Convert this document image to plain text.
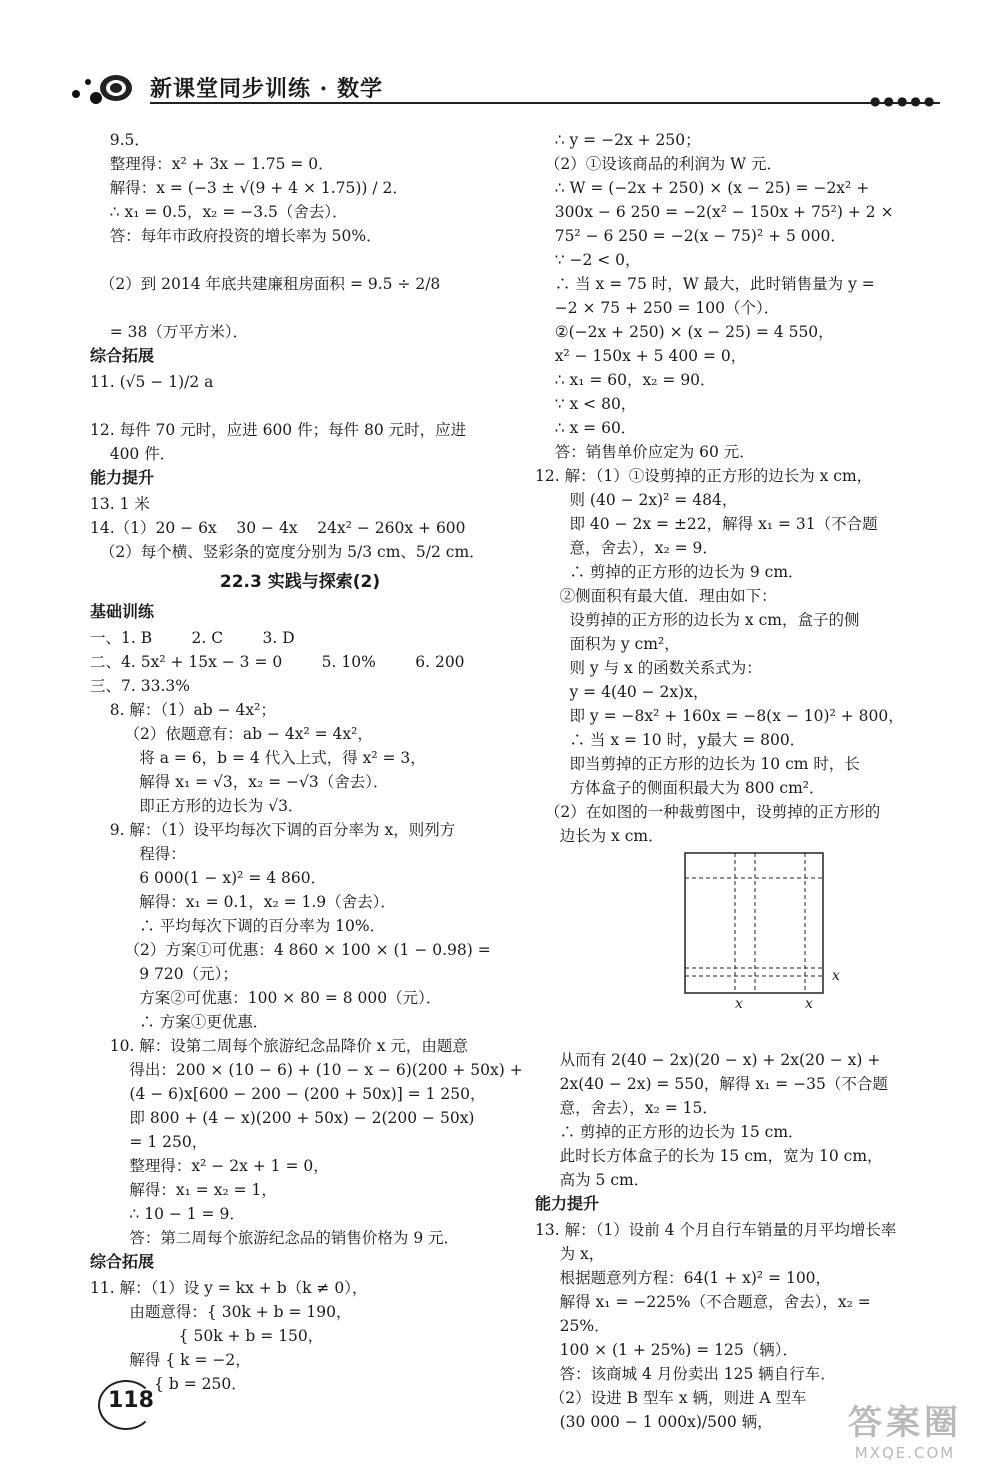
新课堂同步训练 · 数学	●●●●●
9.5．
整理得：x² + 3x − 1.75 = 0．
解得：x = (−3 ± √(9 + 4 × 1.75)) / 2．
∴ x₁ = 0.5，x₂ = −3.5（舍去）．
答：每年市政府投资的增长率为 50%．
（2）到 2014 年底共建廉租房面积 = 9.5 ÷ 2/8
= 38（万平方米）．
综合拓展
11. (√5 − 1)/2 a
12. 每件 70 元时，应进 600 件；每件 80 元时，应进
400 件．
能力提升
13. 1 米
14.（1）20 − 6x    30 − 4x    24x² − 260x + 600
（2）每个横、竖彩条的宽度分别为 5/3 cm、5/2 cm．
22.3 实践与探索(2)
基础训练
一、1. B        2. C        3. D
二、4. 5x² + 15x − 3 = 0        5. 10%        6. 200
三、7. 33.3%
8. 解：（1）ab − 4x²；
（2）依题意有：ab − 4x² = 4x²，
将 a = 6，b = 4 代入上式，得 x² = 3，
解得 x₁ = √3，x₂ = −√3（舍去）．
即正方形的边长为 √3．
9. 解：（1）设平均每次下调的百分率为 x，则列方
程得：
6 000(1 − x)² = 4 860．
解得：x₁ = 0.1，x₂ = 1.9（舍去）．
∴ 平均每次下调的百分率为 10%．
（2）方案①可优惠：4 860 × 100 × (1 − 0.98) =
9 720（元）；
方案②可优惠：100 × 80 = 8 000（元）．
∴ 方案①更优惠．
10. 解：设第二周每个旅游纪念品降价 x 元，由题意
得出：200 × (10 − 6) + (10 − x − 6)(200 + 50x) +
(4 − 6)x[600 − 200 − (200 + 50x)] = 1 250，
即 800 + (4 − x)(200 + 50x) − 2(200 − 50x)
= 1 250，
整理得：x² − 2x + 1 = 0，
解得：x₁ = x₂ = 1，
∴ 10 − 1 = 9．
答：第二周每个旅游纪念品的销售价格为 9 元．
综合拓展
11. 解：（1）设 y = kx + b（k ≠ 0），
由题意得：{ 30k + b = 190，
{ 50k + b = 150，
解得 { k = −2，
{ b = 250．
∴ y = −2x + 250；
（2）①设该商品的利润为 W 元．
∴ W = (−2x + 250) × (x − 25) = −2x² +
300x − 6 250 = −2(x² − 150x + 75²) + 2 ×
75² − 6 250 = −2(x − 75)² + 5 000．
∵ −2 < 0，
∴ 当 x = 75 时，W 最大，此时销售量为 y =
−2 × 75 + 250 = 100（个）．
②(−2x + 250) × (x − 25) = 4 550，
x² − 150x + 5 400 = 0，
∴ x₁ = 60，x₂ = 90．
∵ x < 80，
∴ x = 60．
答：销售单价应定为 60 元．
12. 解：（1）①设剪掉的正方形的边长为 x cm，
则 (40 − 2x)² = 484，
即 40 − 2x = ±22，解得 x₁ = 31（不合题
意，舍去），x₂ = 9．
∴ 剪掉的正方形的边长为 9 cm．
②侧面积有最大值．理由如下：
设剪掉的正方形的边长为 x cm，盒子的侧
面积为 y cm²，
则 y 与 x 的函数关系式为：
y = 4(40 − 2x)x，
即 y = −8x² + 160x = −8(x − 10)² + 800，
∴ 当 x = 10 时，y最大 = 800．
即当剪掉的正方形的边长为 10 cm 时，长
方体盒子的侧面积最大为 800 cm²．
（2）在如图的一种裁剪图中，设剪掉的正方形的
边长为 x cm．
x	x
x
从而有 2(40 − 2x)(20 − x) + 2x(20 − x) +
2x(40 − 2x) = 550，解得 x₁ = −35（不合题
意，舍去），x₂ = 15．
∴ 剪掉的正方形的边长为 15 cm．
此时长方体盒子的长为 15 cm，宽为 10 cm，
高为 5 cm．
能力提升
13. 解：（1）设前 4 个月自行车销量的月平均增长率
为 x，
根据题意列方程：64(1 + x)² = 100，
解得 x₁ = −225%（不合题意，舍去），x₂ =
25%．
100 × (1 + 25%) = 125（辆）．
答：该商城 4 月份卖出 125 辆自行车．
（2）设进 B 型车 x 辆，则进 A 型车
(30 000 − 1 000x)/500 辆，
118
答案圈
MXQE.COM
